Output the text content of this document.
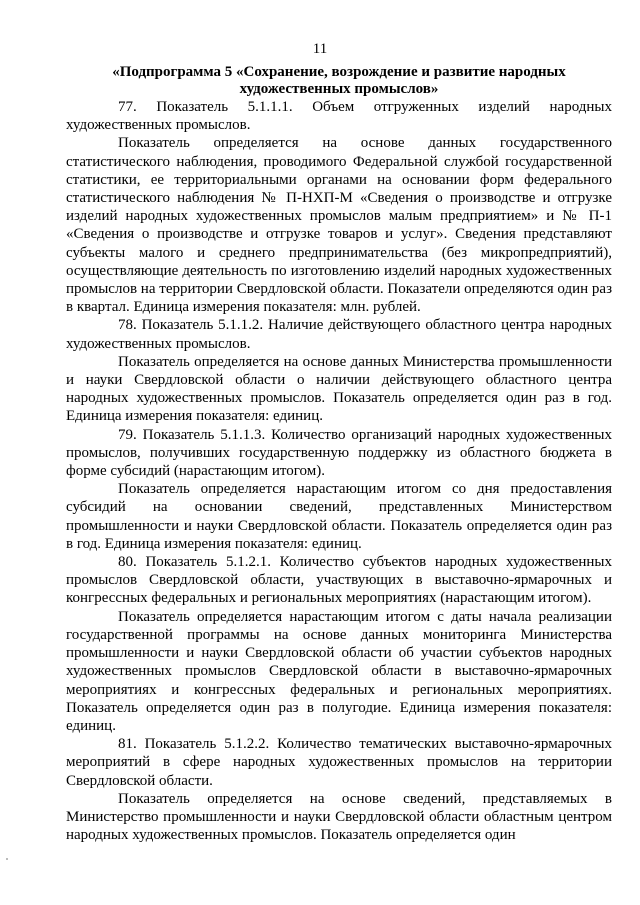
11
«Подпрограмма 5 «Сохранение, возрождение и развитие народных художественных промыслов»

77. Показатель 5.1.1.1. Объем отгруженных изделий народных художественных промыслов.

Показатель определяется на основе данных государственного статистического наблюдения, проводимого Федеральной службой государственной статистики, ее территориальными органами на основании форм федерального статистического наблюдения № П-НХП-М «Сведения о производстве и отгрузке изделий народных художественных промыслов малым предприятием» и № П-1 «Сведения о производстве и отгрузке товаров и услуг». Сведения представляют субъекты малого и среднего предпринимательства (без микропредприятий), осуществляющие деятельность по изготовлению изделий народных художественных промыслов на территории Свердловской области. Показатели определяются один раз в квартал. Единица измерения показателя: млн. рублей.

78. Показатель 5.1.1.2. Наличие действующего областного центра народных художественных промыслов.

Показатель определяется на основе данных Министерства промышленности и науки Свердловской области о наличии действующего областного центра народных художественных промыслов. Показатель определяется один раз в год. Единица измерения показателя: единиц.

79. Показатель 5.1.1.3. Количество организаций народных художественных промыслов, получивших государственную поддержку из областного бюджета в форме субсидий (нарастающим итогом).

Показатель определяется нарастающим итогом со дня предоставления субсидий на основании сведений, представленных Министерством промышленности и науки Свердловской области. Показатель определяется один раз в год. Единица измерения показателя: единиц.

80. Показатель 5.1.2.1. Количество субъектов народных художественных промыслов Свердловской области, участвующих в выставочно-ярмарочных и конгрессных федеральных и региональных мероприятиях (нарастающим итогом).

Показатель определяется нарастающим итогом с даты начала реализации государственной программы на основе данных мониторинга Министерства промышленности и науки Свердловской области об участии субъектов народных художественных промыслов Свердловской области в выставочно-ярмарочных мероприятиях и конгрессных федеральных и региональных мероприятиях. Показатель определяется один раз в полугодие. Единица измерения показателя: единиц.

81. Показатель 5.1.2.2. Количество тематических выставочно-ярмарочных мероприятий в сфере народных художественных промыслов на территории Свердловской области.

Показатель определяется на основе сведений, представляемых в Министерство промышленности и науки Свердловской области областным центром народных художественных промыслов. Показатель определяется один
